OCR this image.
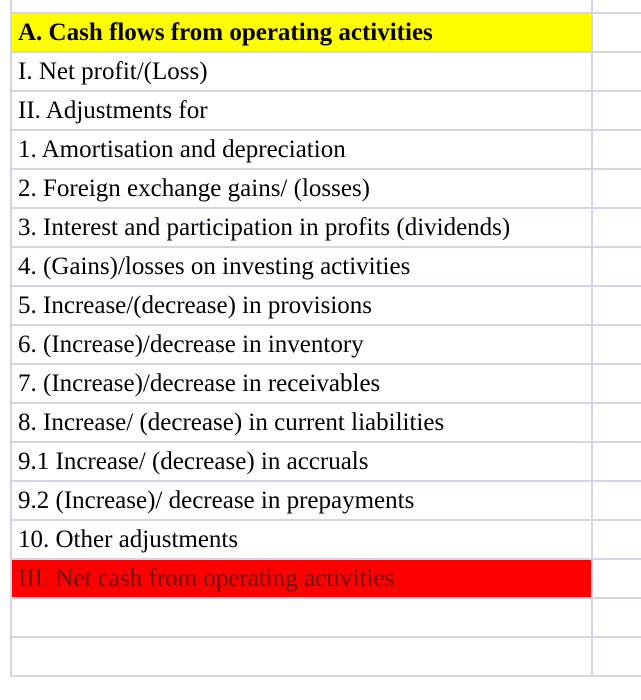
A. Cash flows from operating activities	
I. Net profit/(Loss)	
II. Adjustments for	
1. Amortisation and depreciation	
2. Foreign exchange gains/ (losses)	
3. Interest and participation in profits (dividends)	
4. (Gains)/losses on investing activities	
5. Increase/(decrease) in provisions	
6. (Increase)/decrease in inventory	
7. (Increase)/decrease in receivables	
8. Increase/ (decrease) in current liabilities	
9.1 Increase/ (decrease) in accruals	
9.2 (Increase)/ decrease in prepayments	
10. Other adjustments	
III. Net cash from operating activities	
